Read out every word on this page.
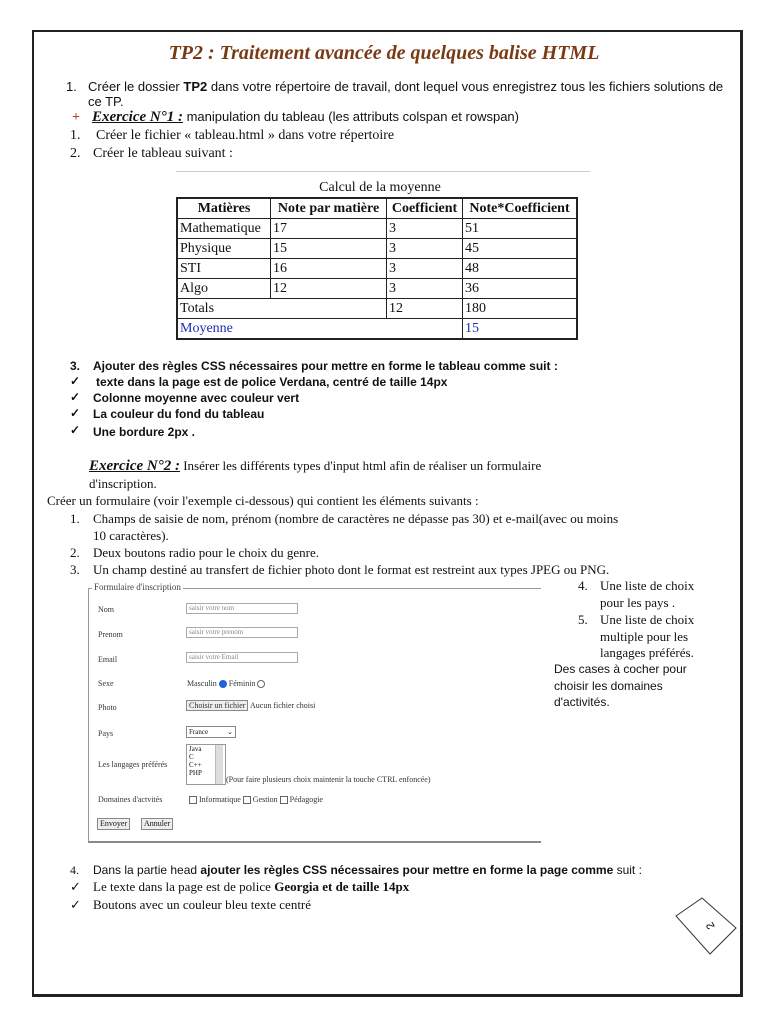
TP2 : Traitement avancée de quelques balise HTML
1. Créer le dossier TP2 dans votre répertoire de travail, dont lequel vous enregistrez tous les fichiers solutions de
ce TP.
+ Exercice N°1 : manipulation du tableau (les attributs colspan et rowspan)
1. Créer le fichier « tableau.html » dans votre répertoire
2. Créer le tableau suivant :
Calcul de la moyenne
Matières	Note par matière	Coefficient	Note*Coefficient
Mathematique	17	3	51
Physique	15	3	45
STI	16	3	48
Algo	12	3	36
Totals		12	180
Moyenne			15
3. Ajouter des règles CSS nécessaires pour mettre en forme le tableau comme suit :
✓ texte dans la page est de police Verdana, centré de taille 14px
✓ Colonne moyenne avec couleur vert
✓ La couleur du fond du tableau
✓ Une bordure 2px .
Exercice N°2 : Insérer les différents types d'input html afin de réaliser un formulaire
d'inscription.
Créer un formulaire (voir l'exemple ci-dessous) qui contient les éléments suivants :
1. Champs de saisie de nom, prénom (nombre de caractères ne dépasse pas 30) et e-mail(avec ou moins
10 caractères).
2. Deux boutons radio pour le choix du genre.
3. Un champ destiné au transfert de fichier photo dont le format est restreint aux types JPEG ou PNG.
4. Une liste de choix
pour les pays .
5. Une liste de choix
multiple pour les
langages préférés.
Des cases à cocher pour
choisir les domaines
d'activités.
Formulaire d'inscription
Nom	saisir votre nom
Prenom	saisir votre prenom
Email	saisir votre Email
Sexe	Masculin Féminin
Photo	Choisir un fichier Aucun fichier choisi
Pays	France	⌄
Les langages préférés
Java
C
C++
PHP
(Pour faire plusieurs choix maintenir la touche CTRL enfoncée)
Domaines d'actvités	Informatique Gestion Pédagogie
Envoyer	Annuler
4. Dans la partie head ajouter les règles CSS nécessaires pour mettre en forme la page comme suit :
✓ Le texte dans la page est de police Georgia et de taille 14px
✓ Boutons avec un couleur bleu texte centré
2
